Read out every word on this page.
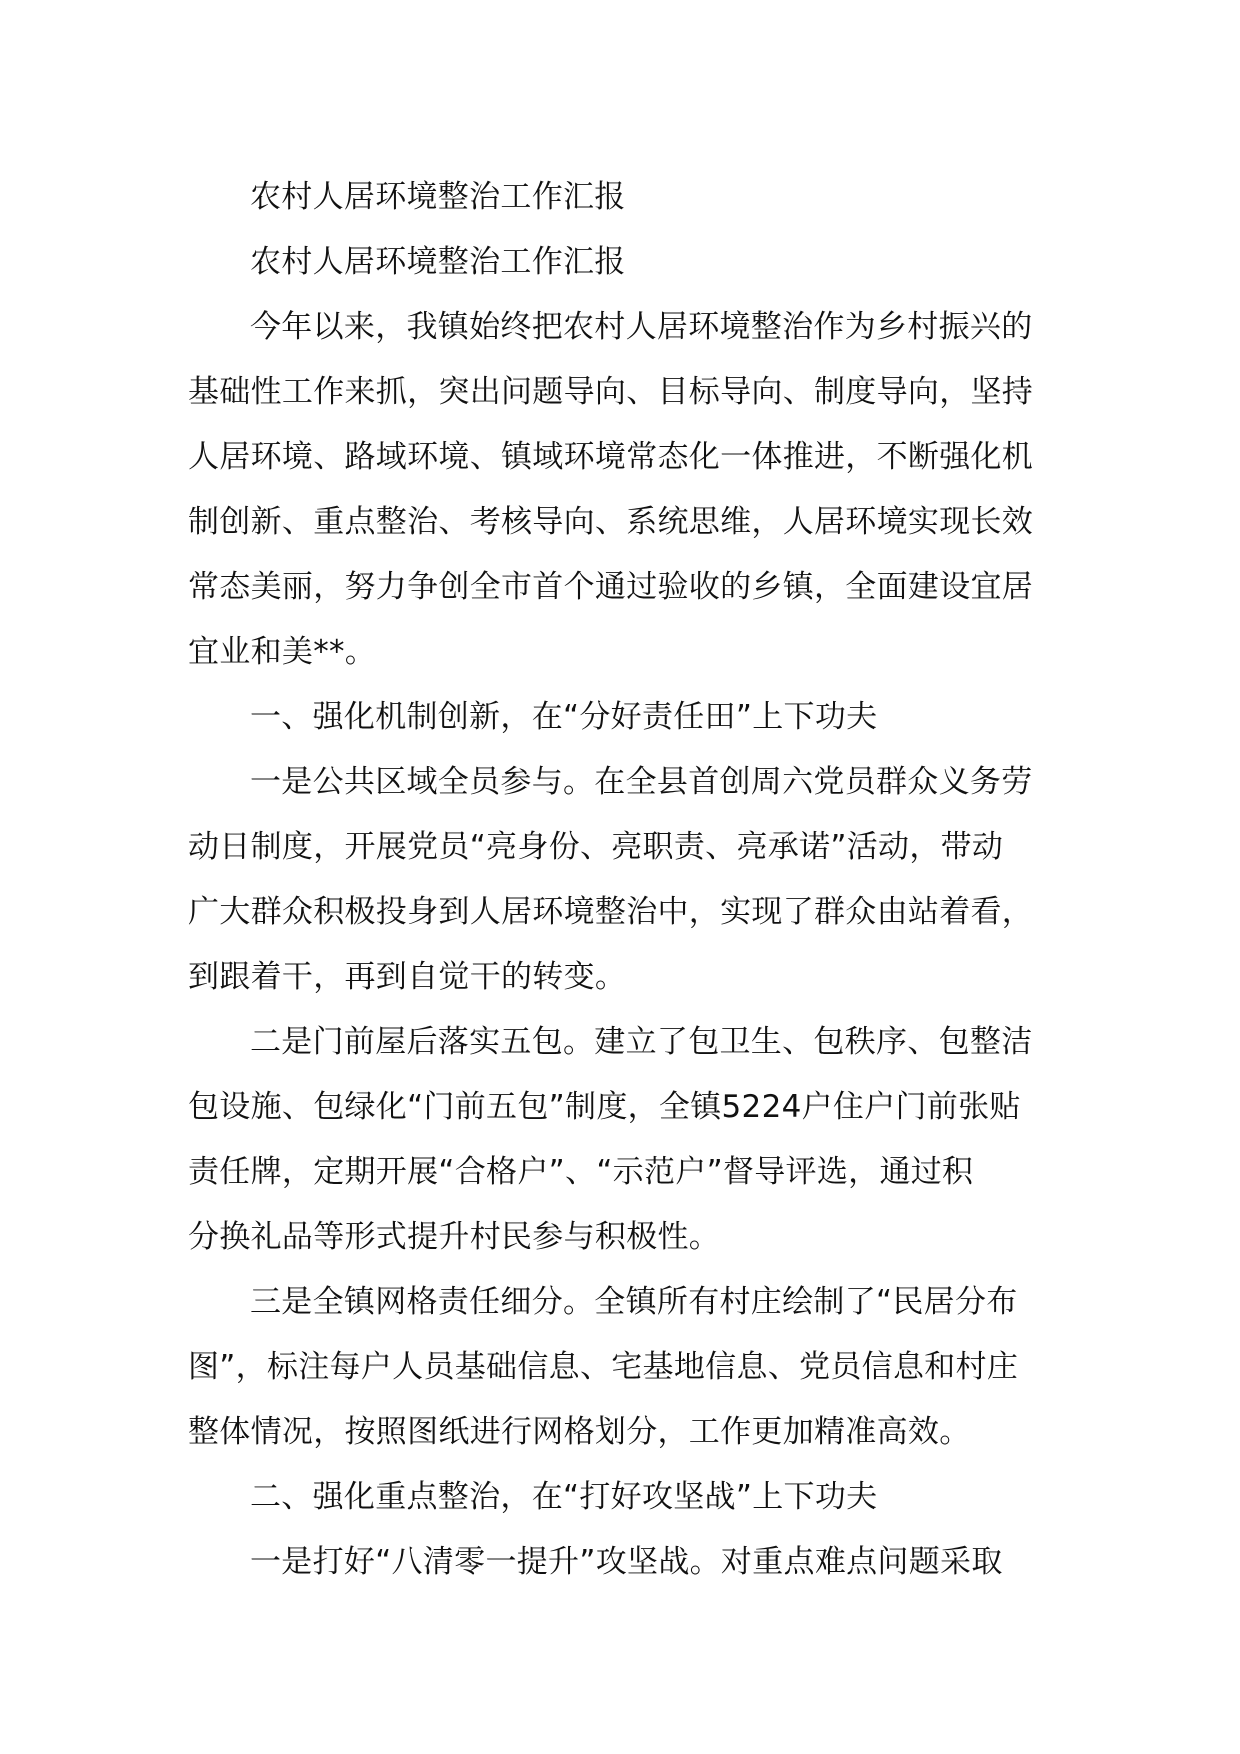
农村人居环境整治工作汇报
农村人居环境整治工作汇报
今年以来，我镇始终把农村人居环境整治作为乡村振兴的
基础性工作来抓，突出问题导向、目标导向、制度导向，坚持
人居环境、路域环境、镇域环境常态化一体推进，不断强化机
制创新、重点整治、考核导向、系统思维，人居环境实现长效
常态美丽，努力争创全市首个通过验收的乡镇，全面建设宜居
宜业和美**。
一、强化机制创新，在“分好责任田”上下功夫
一是公共区域全员参与。在全县首创周六党员群众义务劳
动日制度，开展党员“亮身份、亮职责、亮承诺”活动，带动
广大群众积极投身到人居环境整治中，实现了群众由站着看，
到跟着干，再到自觉干的转变。
二是门前屋后落实五包。建立了包卫生、包秩序、包整洁
包设施、包绿化“门前五包”制度，全镇5224户住户门前张贴
责任牌，定期开展“合格户”、“示范户”督导评选，通过积
分换礼品等形式提升村民参与积极性。
三是全镇网格责任细分。全镇所有村庄绘制了“民居分布
图”，标注每户人员基础信息、宅基地信息、党员信息和村庄
整体情况，按照图纸进行网格划分，工作更加精准高效。
二、强化重点整治，在“打好攻坚战”上下功夫
一是打好“八清零一提升”攻坚战。对重点难点问题采取
